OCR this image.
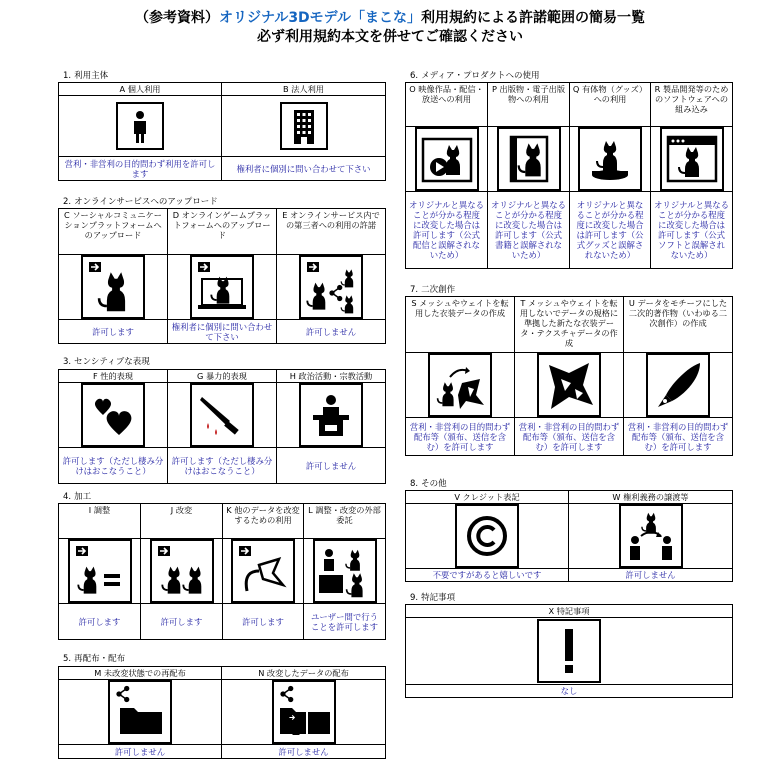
（参考資料）オリジナル3Dモデル「まこな」利用規約による許諾範囲の簡易一覧
必ず利用規約本文を併せてご確認ください
1. 利用主体
A 個人利用	B 法人利用

営利・非営利の目的問わず利用を許可します	権利者に個別に問い合わせて下さい
2. オンラインサービスへのアップロード
C ソーシャルコミュニケーションプラットフォームへのアップロード	D オンラインゲームプラットフォームへのアップロード	E オンラインサービス内での第三者への利用の許諾

許可します	権利者に個別に問い合わせて下さい	許可しません
3. センシティブな表現
F 性的表現	G 暴力的表現	H 政治活動・宗教活動

許可します（ただし棲み分けはおこなうこと）	許可します（ただし棲み分けはおこなうこと）	許可しません
4. 加工
I 調整	J 改変	K 他のデータを改変するための利用	L 調整・改変の外部委託

許可します	許可します	許可します	ユーザー間で行うことを許可します
5. 再配布・配布
M 未改変状態での再配布	N 改変したデータの配布

許可しません	許可しません
6. メディア・プロダクトへの使用
O 映像作品・配信・放送への利用	P 出版物・電子出版物への利用	Q 有体物（グッズ）への利用	R 製品開発等のためのソフトウェアへの組み込み

オリジナルと異なることが分かる程度に改変した場合は許可します（公式配信と誤解されないため）	オリジナルと異なることが分かる程度に改変した場合は許可します（公式書籍と誤解されないため）	オリジナルと異なることが分かる程度に改変した場合は許可します（公式グッズと誤解されないため）	オリジナルと異なることが分かる程度に改変した場合は許可します（公式ソフトと誤解されないため）
7. 二次創作
S メッシュやウェイトを転用した衣装データの作成	T メッシュやウェイトを転用しないでデータの規格に準拠した新たな衣装データ・テクスチャデータの作成	U データをモチーフにした二次的著作物（いわゆる二次創作）の作成

営利・非営利の目的問わず配布等（頒布、送信を含む）を許可します	営利・非営利の目的問わず配布等（頒布、送信を含む）を許可します	営利・非営利の目的問わず配布等（頒布、送信を含む）を許可します
8. その他
V クレジット表記	W 権利義務の譲渡等

不要ですがあると嬉しいです	許可しません
9. 特記事項
X 特記事項

なし
